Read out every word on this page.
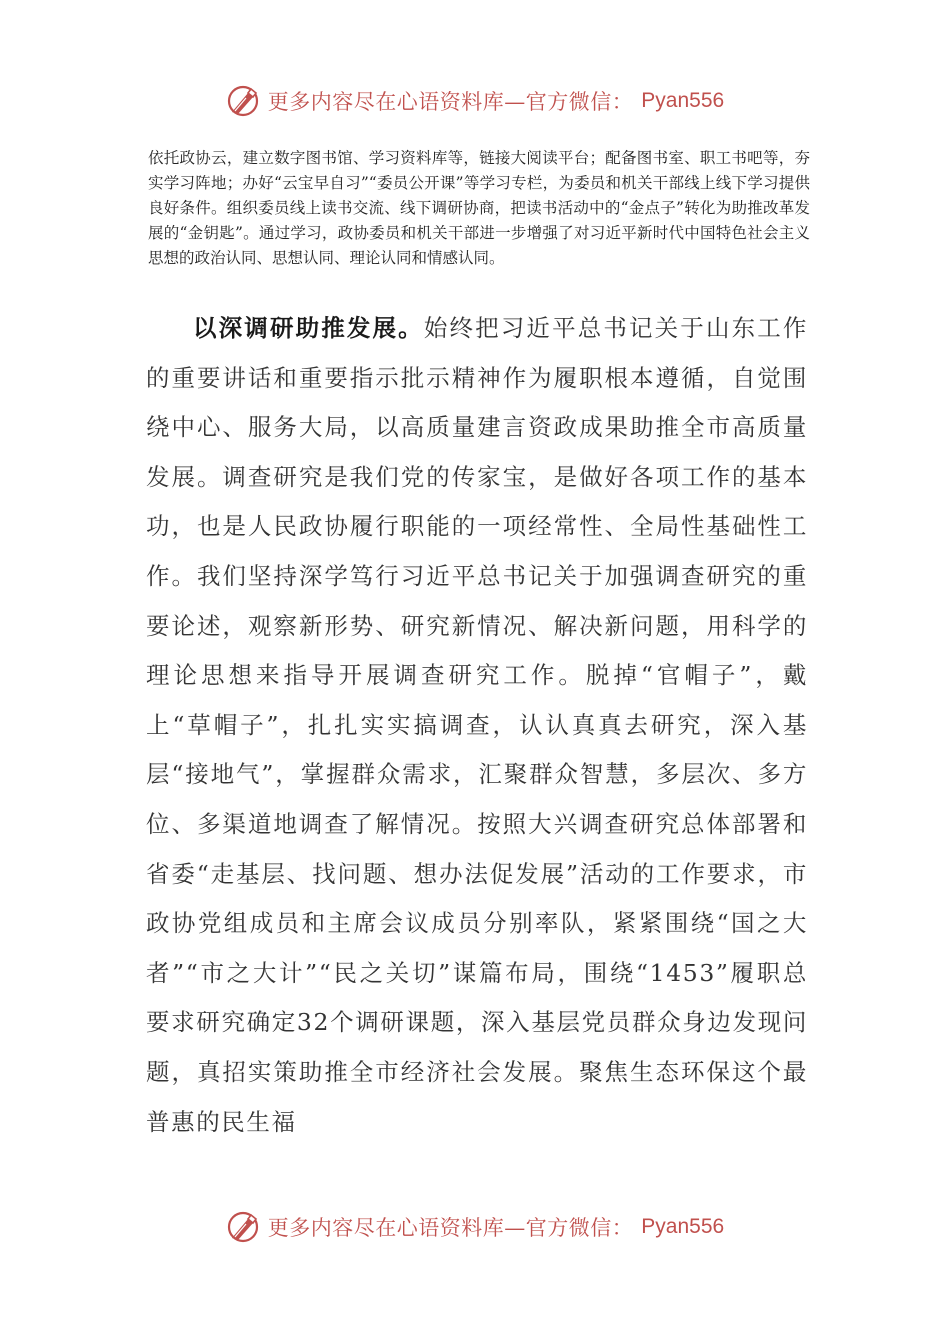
更多内容尽在心语资料库—官方微信： Pyan556

依托政协云，建立数字图书馆、学习资料库等，链接大阅读平台；配备图书室、职工书吧等，夯实学习阵地；办好“云宝早自习”“委员公开课”等学习专栏，为委员和机关干部线上线下学习提供良好条件。组织委员线上读书交流、线下调研协商，把读书活动中的“金点子”转化为助推改革发展的“金钥匙”。通过学习，政协委员和机关干部进一步增强了对习近平新时代中国特色社会主义思想的政治认同、思想认同、理论认同和情感认同。

以深调研助推发展。始终把习近平总书记关于山东工作的重要讲话和重要指示批示精神作为履职根本遵循，自觉围绕中心、服务大局，以高质量建言资政成果助推全市高质量发展。调查研究是我们党的传家宝，是做好各项工作的基本功，也是人民政协履行职能的一项经常性、全局性基础性工作。我们坚持深学笃行习近平总书记关于加强调查研究的重要论述，观察新形势、研究新情况、解决新问题，用科学的理论思想来指导开展调查研究工作。脱掉“官帽子”，戴上“草帽子”，扎扎实实搞调查，认认真真去研究，深入基层“接地气”，掌握群众需求，汇聚群众智慧，多层次、多方位、多渠道地调查了解情况。按照大兴调查研究总体部署和省委“走基层、找问题、想办法促发展”活动的工作要求，市政协党组成员和主席会议成员分别率队，紧紧围绕“国之大者”“市之大计”“民之关切”谋篇布局，围绕“1453”履职总要求研究确定32个调研课题，深入基层党员群众身边发现问题，真招实策助推全市经济社会发展。聚焦生态环保这个最普惠的民生福

更多内容尽在心语资料库—官方微信： Pyan556
